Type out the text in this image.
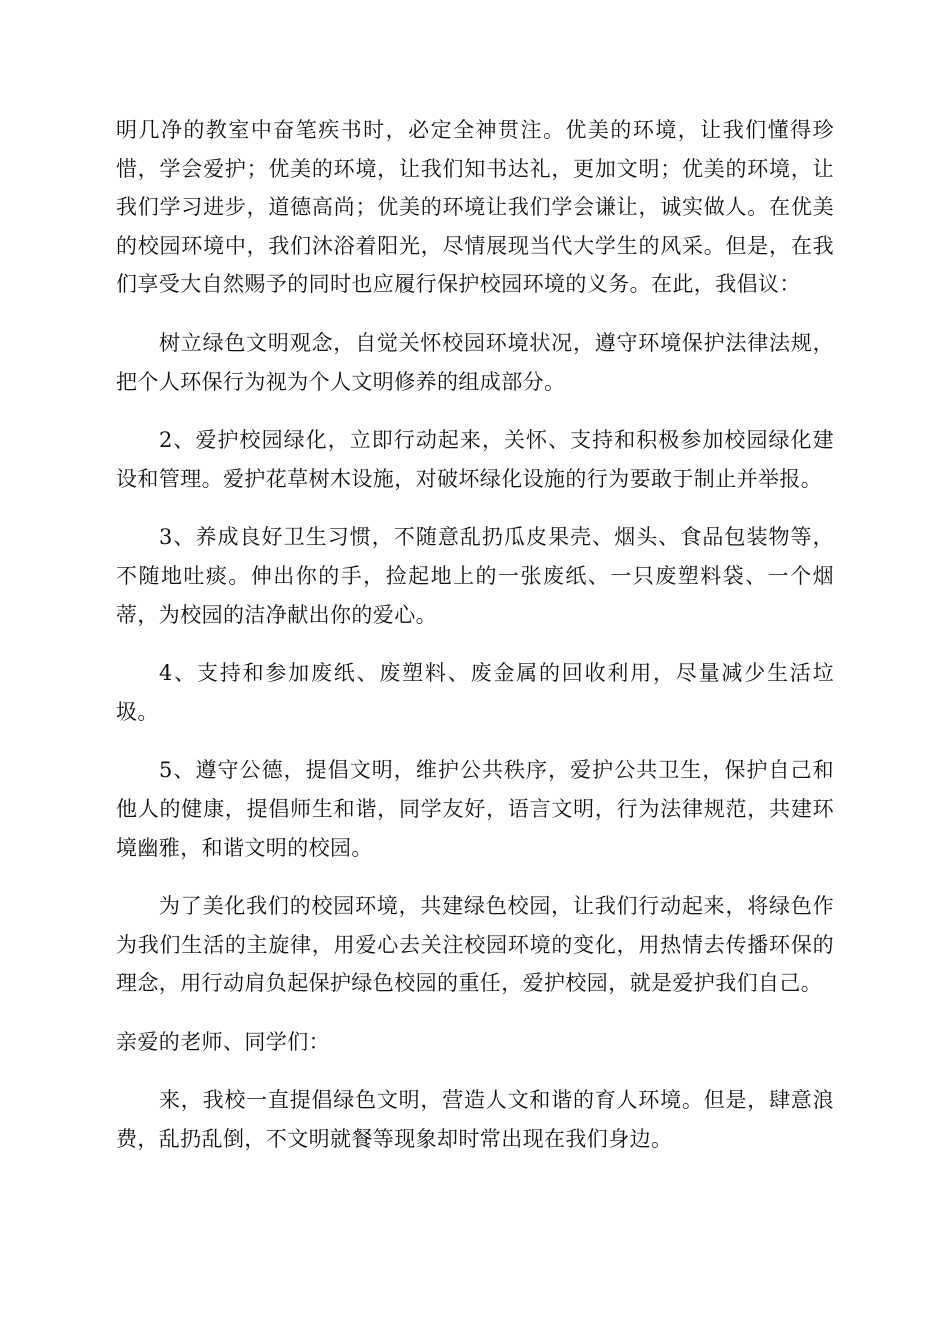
明几净的教室中奋笔疾书时，必定全神贯注。优美的环境，让我们懂得珍惜，学会爱护；优美的环境，让我们知书达礼，更加文明；优美的环境，让我们学习进步，道德高尚；优美的环境让我们学会谦让，诚实做人。在优美的校园环境中，我们沐浴着阳光，尽情展现当代大学生的风采。但是，在我们享受大自然赐予的同时也应履行保护校园环境的义务。在此，我倡议：

树立绿色文明观念，自觉关怀校园环境状况，遵守环境保护法律法规，把个人环保行为视为个人文明修养的组成部分。

2、爱护校园绿化，立即行动起来，关怀、支持和积极参加校园绿化建设和管理。爱护花草树木设施，对破坏绿化设施的行为要敢于制止并举报。

3、养成良好卫生习惯，不随意乱扔瓜皮果壳、烟头、食品包装物等，不随地吐痰。伸出你的手，捡起地上的一张废纸、一只废塑料袋、一个烟蒂，为校园的洁净献出你的爱心。

4、支持和参加废纸、废塑料、废金属的回收利用，尽量减少生活垃圾。

5、遵守公德，提倡文明，维护公共秩序，爱护公共卫生，保护自己和他人的健康，提倡师生和谐，同学友好，语言文明，行为法律规范，共建环境幽雅，和谐文明的校园。

为了美化我们的校园环境，共建绿色校园，让我们行动起来，将绿色作为我们生活的主旋律，用爱心去关注校园环境的变化，用热情去传播环保的理念，用行动肩负起保护绿色校园的重任，爱护校园，就是爱护我们自己。

亲爱的老师、同学们：

来，我校一直提倡绿色文明，营造人文和谐的育人环境。但是，肆意浪费，乱扔乱倒，不文明就餐等现象却时常出现在我们身边。
